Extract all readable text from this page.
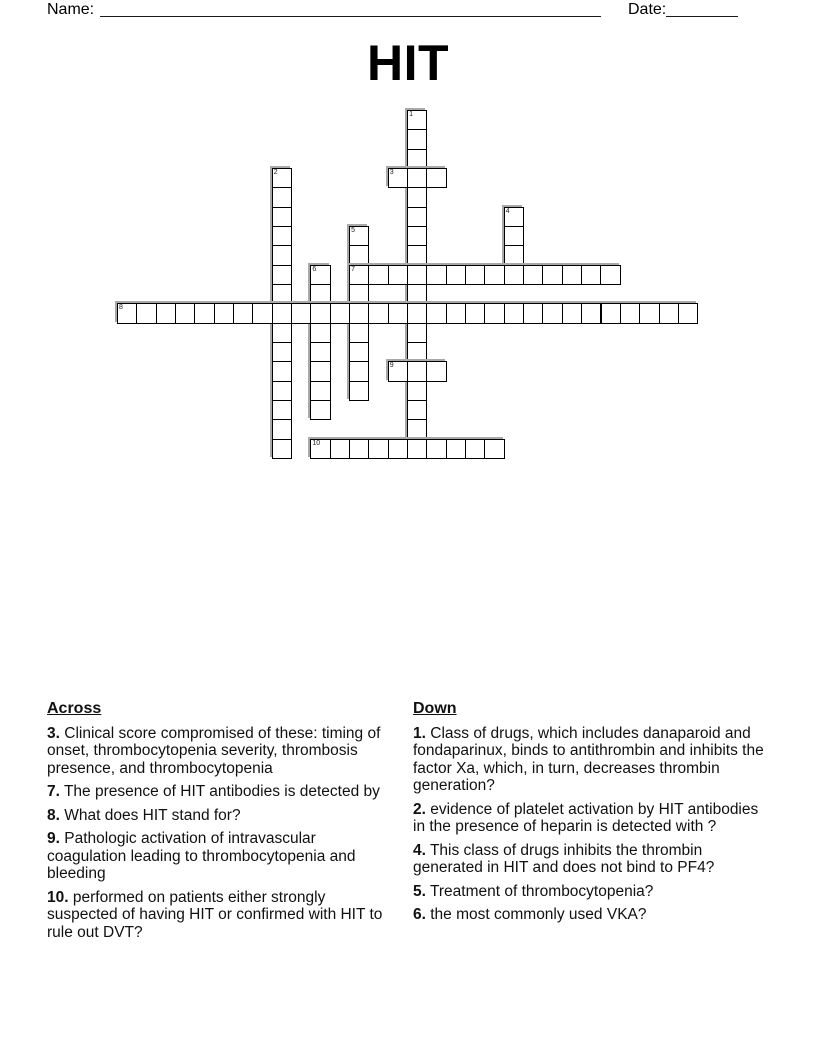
Name:	Date:
HIT
1
2	3
4
5
6	7
8
9
10

Across

3. Clinical score compromised of these: timing of onset, thrombocytopenia severity, thrombosis presence, and thrombocytopenia

7. The presence of HIT antibodies is detected by

8. What does HIT stand for?

9. Pathologic activation of intravascular coagulation leading to thrombocytopenia and bleeding

10. performed on patients either strongly suspected of having HIT or confirmed with HIT to rule out DVT?

Down

1. Class of drugs, which includes danaparoid and fondaparinux, binds to antithrombin and inhibits the factor Xa, which, in turn, decreases thrombin generation?

2. evidence of platelet activation by HIT antibodies in the presence of heparin is detected with ?

4. This class of drugs inhibits the thrombin generated in HIT and does not bind to PF4?

5. Treatment of thrombocytopenia?

6. the most commonly used VKA?
